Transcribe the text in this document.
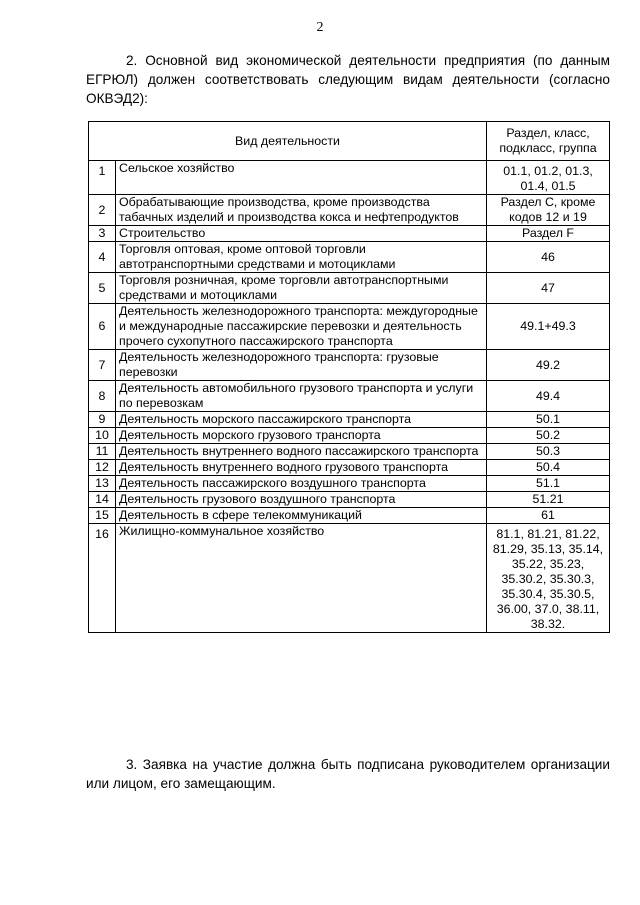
2
2. Основной вид экономической деятельности предприятия (по данным ЕГРЮЛ) должен соответствовать следующим видам деятельности (согласно ОКВЭД2):
Вид деятельности		Раздел, класс, подкласс, группа
1	Сельское хозяйство	01.1, 01.2, 01.3, 01.4, 01.5
2	Обрабатывающие производства, кроме производства табачных изделий и производства кокса и нефтепродуктов	Раздел С, кроме кодов 12 и 19
3	Строительство	Раздел F
4	Торговля оптовая, кроме оптовой торговли автотранспортными средствами и мотоциклами	46
5	Торговля розничная, кроме торговли автотранспортными средствами и мотоциклами	47
6	Деятельность железнодорожного транспорта: междугородные и международные пассажирские перевозки и деятельность прочего сухопутного пассажирского транспорта	49.1+49.3
7	Деятельность железнодорожного транспорта: грузовые перевозки	49.2
8	Деятельность автомобильного грузового транспорта и услуги по перевозкам	49.4
9	Деятельность морского пассажирского транспорта	50.1
10	Деятельность морского грузового транспорта	50.2
11	Деятельность внутреннего водного пассажирского транспорта	50.3
12	Деятельность внутреннего водного грузового транспорта	50.4
13	Деятельность пассажирского воздушного транспорта	51.1
14	Деятельность грузового воздушного транспорта	51.21
15	Деятельность в сфере телекоммуникаций	61
16	Жилищно-коммунальное хозяйство	81.1, 81.21, 81.22, 81.29, 35.13, 35.14, 35.22, 35.23, 35.30.2, 35.30.3, 35.30.4, 35.30.5, 36.00, 37.0, 38.11, 38.32.
3. Заявка на участие должна быть подписана руководителем организации или лицом, его замещающим.
